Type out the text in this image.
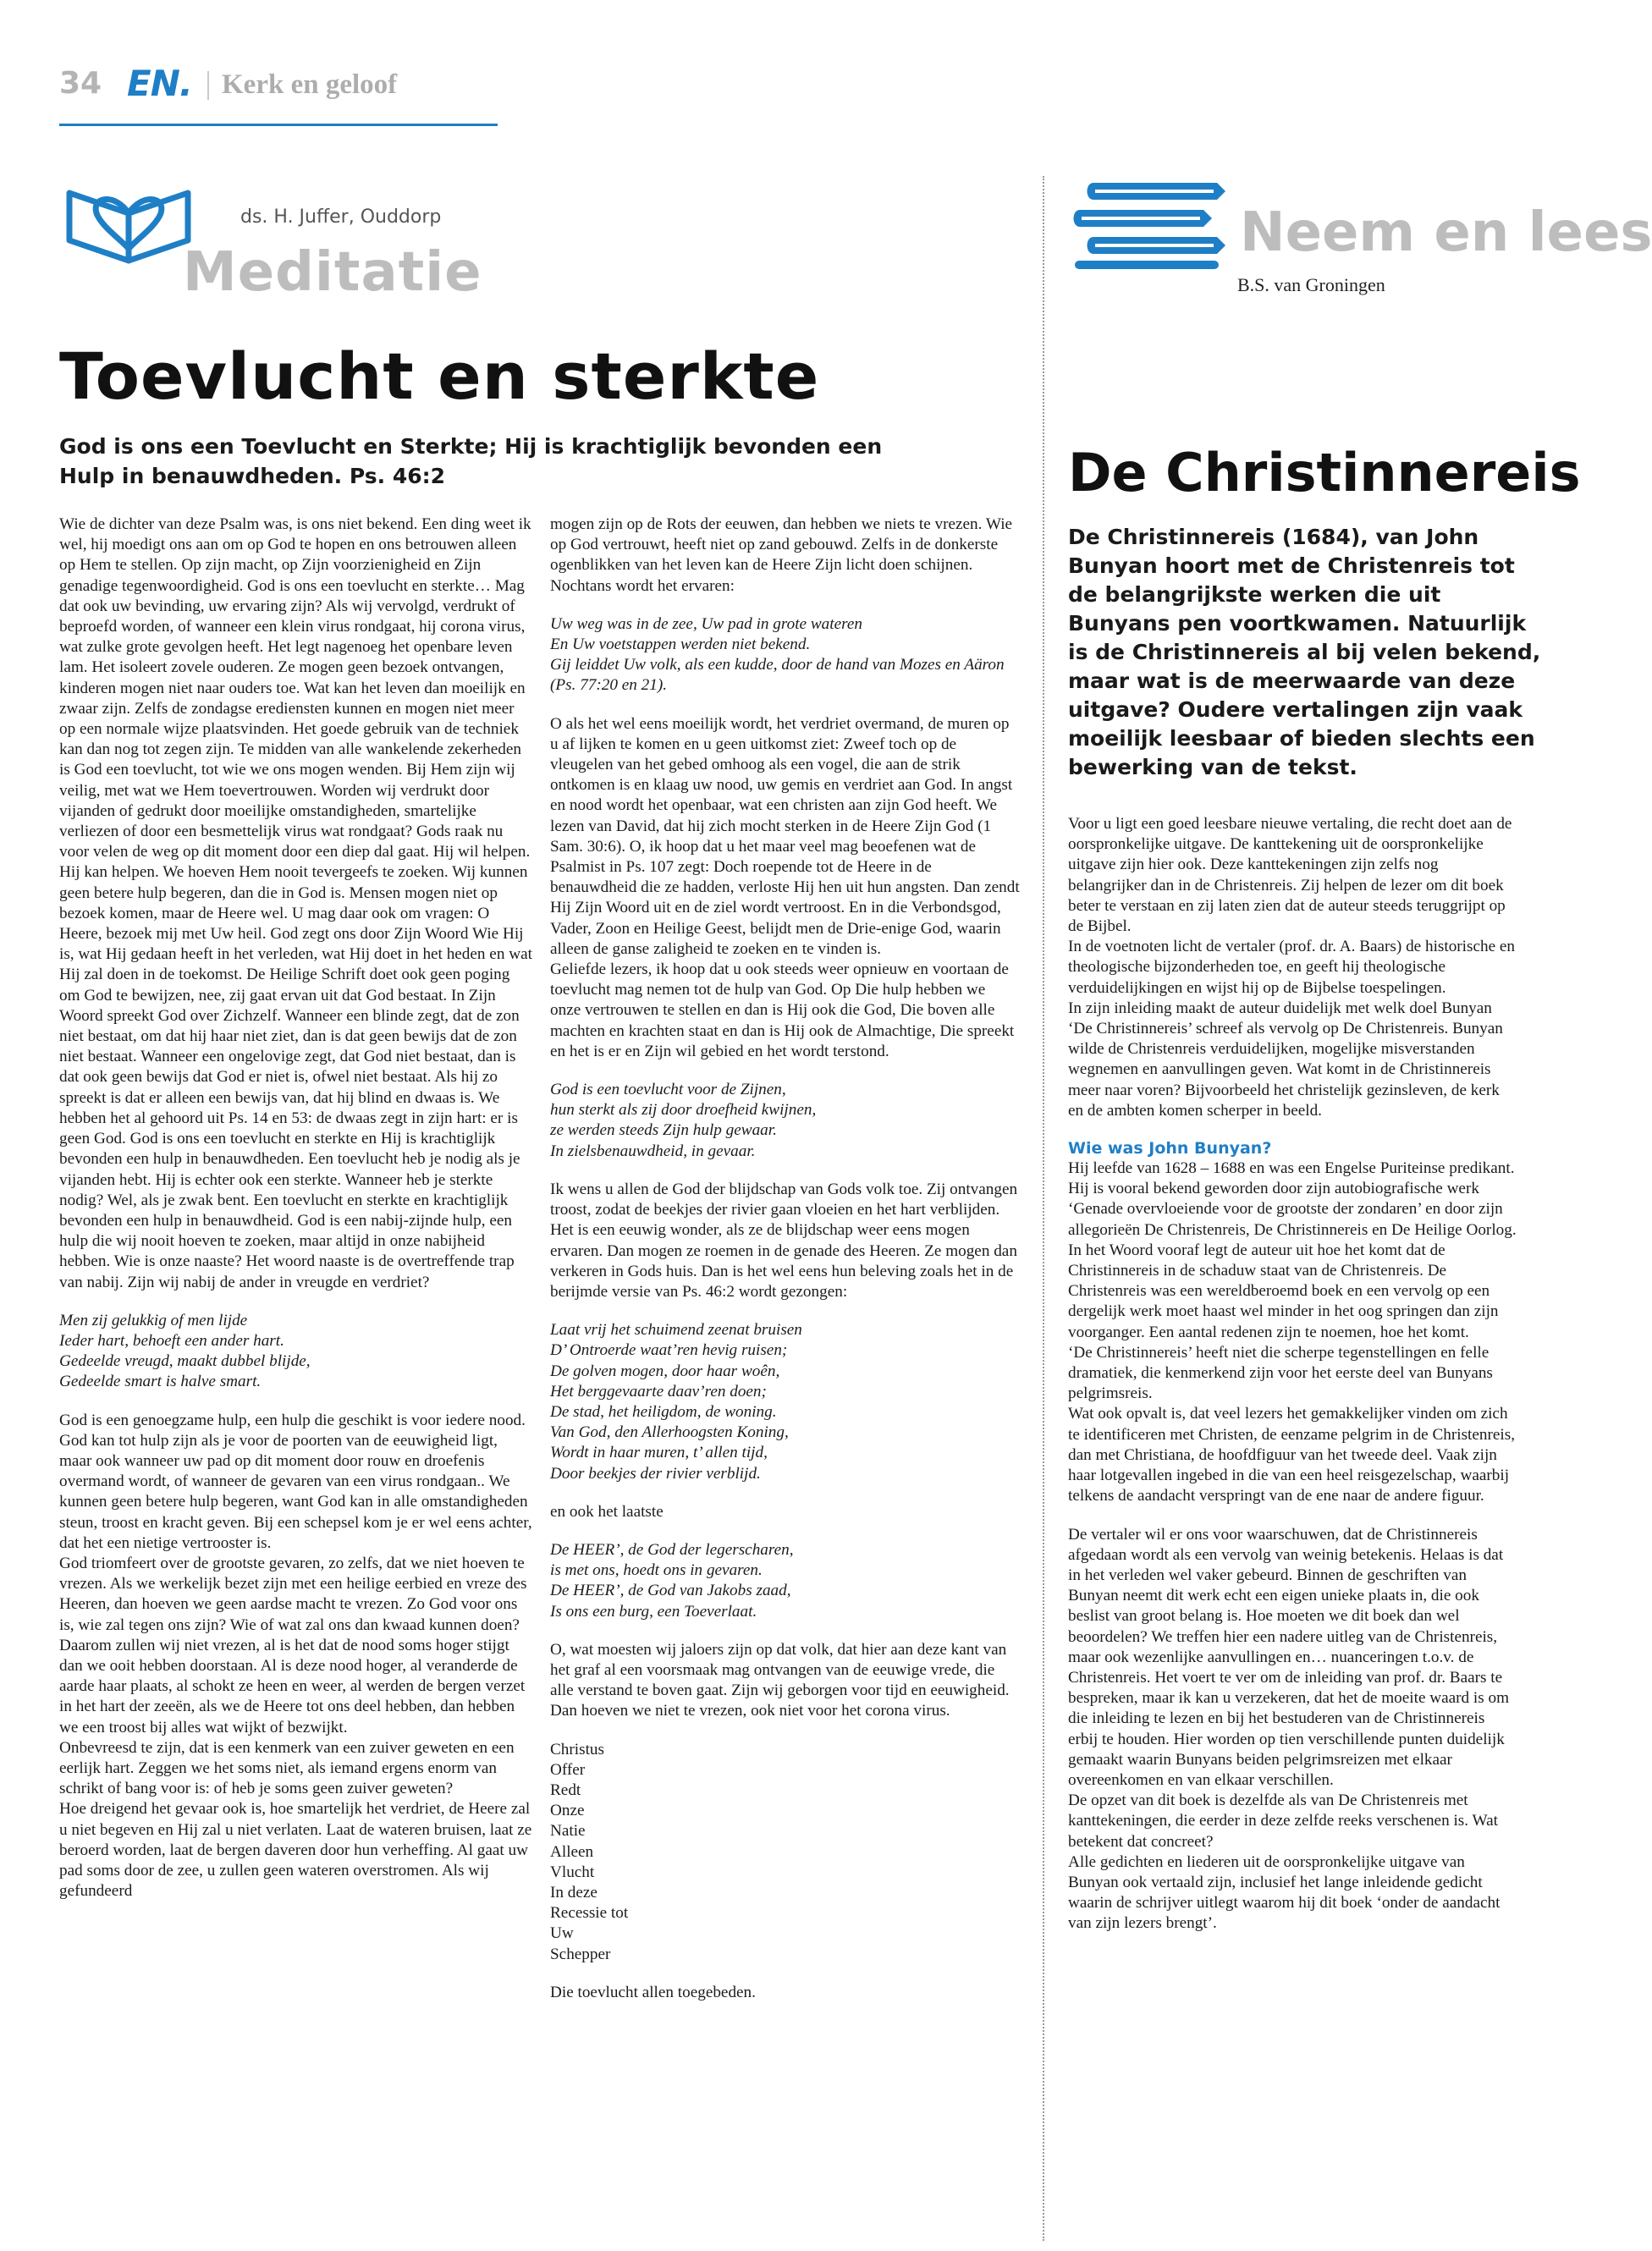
34 EN. Kerk en geloof
ds. H. Juffer, Ouddorp
Meditatie
Toevlucht en sterkte

God is ons een Toevlucht en Sterkte; Hij is krachtiglijk bevonden een Hulp in benauwdheden. Ps. 46:2

Wie de dichter van deze Psalm was, is ons niet bekend. Een ding weet ik wel, hij moedigt ons aan om op God te hopen en ons betrouwen alleen op Hem te stellen. Op zijn macht, op Zijn voorzienigheid en Zijn genadige tegenwoordigheid. God is ons een toevlucht en sterkte… Mag dat ook uw bevinding, uw ervaring zijn? Als wij vervolgd, verdrukt of beproefd worden, of wanneer een klein virus rondgaat, hij corona virus, wat zulke grote gevolgen heeft. Het legt nagenoeg het openbare leven lam. Het isoleert zovele ouderen. Ze mogen geen bezoek ontvangen, kinderen mogen niet naar ouders toe. Wat kan het leven dan moeilijk en zwaar zijn. Zelfs de zondagse erediensten kunnen en mogen niet meer op een normale wijze plaatsvinden. Het goede gebruik van de techniek kan dan nog tot zegen zijn. Te midden van alle wankelende zekerheden is God een toevlucht, tot wie we ons mogen wenden. Bij Hem zijn wij veilig, met wat we Hem toevertrouwen. Worden wij verdrukt door vijanden of gedrukt door moeilijke omstandigheden, smartelijke verliezen of door een besmettelijk virus wat rondgaat? Gods raak nu voor velen de weg op dit moment door een diep dal gaat. Hij wil helpen. Hij kan helpen. We hoeven Hem nooit tevergeefs te zoeken. Wij kunnen geen betere hulp begeren, dan die in God is. Mensen mogen niet op bezoek komen, maar de Heere wel. U mag daar ook om vragen: O Heere, bezoek mij met Uw heil. God zegt ons door Zijn Woord Wie Hij is, wat Hij gedaan heeft in het verleden, wat Hij doet in het heden en wat Hij zal doen in de toekomst. De Heilige Schrift doet ook geen poging om God te bewijzen, nee, zij gaat ervan uit dat God bestaat. In Zijn Woord spreekt God over Zichzelf. Wanneer een blinde zegt, dat de zon niet bestaat, om dat hij haar niet ziet, dan is dat geen bewijs dat de zon niet bestaat. Wanneer een ongelovige zegt, dat God niet bestaat, dan is dat ook geen bewijs dat God er niet is, ofwel niet bestaat. Als hij zo spreekt is dat er alleen een bewijs van, dat hij blind en dwaas is. We hebben het al gehoord uit Ps. 14 en 53: de dwaas zegt in zijn hart: er is geen God. God is ons een toevlucht en sterkte en Hij is krachtiglijk bevonden een hulp in benauwdheden. Een toevlucht heb je nodig als je vijanden hebt. Hij is echter ook een sterkte. Wanneer heb je sterkte nodig? Wel, als je zwak bent. Een toevlucht en sterkte en krachtiglijk bevonden een hulp in benauwdheid. God is een nabij-zijnde hulp, een hulp die wij nooit hoeven te zoeken, maar altijd in onze nabijheid hebben. Wie is onze naaste? Het woord naaste is de overtreffende trap van nabij. Zijn wij nabij de ander in vreugde en verdriet?

Men zij gelukkig of men lijde
Ieder hart, behoeft een ander hart.
Gedeelde vreugd, maakt dubbel blijde,
Gedeelde smart is halve smart.

God is een genoegzame hulp, een hulp die geschikt is voor iedere nood. God kan tot hulp zijn als je voor de poorten van de eeuwigheid ligt, maar ook wanneer uw pad op dit moment door rouw en droefenis overmand wordt, of wanneer de gevaren van een virus rondgaan.. We kunnen geen betere hulp begeren, want God kan in alle omstandigheden steun, troost en kracht geven. Bij een schepsel kom je er wel eens achter, dat het een nietige vertrooster is.
God triomfeert over de grootste gevaren, zo zelfs, dat we niet hoeven te vrezen. Als we werkelijk bezet zijn met een heilige eerbied en vreze des Heeren, dan hoeven we geen aardse macht te vrezen. Zo God voor ons is, wie zal tegen ons zijn? Wie of wat zal ons dan kwaad kunnen doen? Daarom zullen wij niet vrezen, al is het dat de nood soms hoger stijgt dan we ooit hebben doorstaan. Al is deze nood hoger, al veranderde de aarde haar plaats, al schokt ze heen en weer, al werden de bergen verzet in het hart der zeeën, als we de Heere tot ons deel hebben, dan hebben we een troost bij alles wat wijkt of bezwijkt.
Onbevreesd te zijn, dat is een kenmerk van een zuiver geweten en een eerlijk hart. Zeggen we het soms niet, als iemand ergens enorm van schrikt of bang voor is: of heb je soms geen zuiver geweten?
Hoe dreigend het gevaar ook is, hoe smartelijk het verdriet, de Heere zal u niet begeven en Hij zal u niet verlaten. Laat de wateren bruisen, laat ze beroerd worden, laat de bergen daveren door hun verheffing. Al gaat uw pad soms door de zee, u zullen geen wateren overstromen. Als wij gefundeerd

mogen zijn op de Rots der eeuwen, dan hebben we niets te vrezen. Wie op God vertrouwt, heeft niet op zand gebouwd. Zelfs in de donkerste ogenblikken van het leven kan de Heere Zijn licht doen schijnen. Nochtans wordt het ervaren:

Uw weg was in de zee, Uw pad in grote wateren
En Uw voetstappen werden niet bekend.
Gij leiddet Uw volk, als een kudde, door de hand van Mozes en Aäron (Ps. 77:20 en 21).

O als het wel eens moeilijk wordt, het verdriet overmand, de muren op u af lijken te komen en u geen uitkomst ziet: Zweef toch op de vleugelen van het gebed omhoog als een vogel, die aan de strik ontkomen is en klaag uw nood, uw gemis en verdriet aan God. In angst en nood wordt het openbaar, wat een christen aan zijn God heeft. We lezen van David, dat hij zich mocht sterken in de Heere Zijn God (1 Sam. 30:6). O, ik hoop dat u het maar veel mag beoefenen wat de Psalmist in Ps. 107 zegt: Doch roepende tot de Heere in de benauwdheid die ze hadden, verloste Hij hen uit hun angsten. Dan zendt Hij Zijn Woord uit en de ziel wordt vertroost. En in die Verbondsgod, Vader, Zoon en Heilige Geest, belijdt men de Drie-enige God, waarin alleen de ganse zaligheid te zoeken en te vinden is.
Geliefde lezers, ik hoop dat u ook steeds weer opnieuw en voortaan de toevlucht mag nemen tot de hulp van God. Op Die hulp hebben we onze vertrouwen te stellen en dan is Hij ook die God, Die boven alle machten en krachten staat en dan is Hij ook de Almachtige, Die spreekt en het is er en Zijn wil gebied en het wordt terstond.

God is een toevlucht voor de Zijnen,
hun sterkt als zij door droefheid kwijnen,
ze werden steeds Zijn hulp gewaar.
In zielsbenauwdheid, in gevaar.

Ik wens u allen de God der blijdschap van Gods volk toe. Zij ontvangen troost, zodat de beekjes der rivier gaan vloeien en het hart verblijden. Het is een eeuwig wonder, als ze de blijdschap weer eens mogen ervaren. Dan mogen ze roemen in de genade des Heeren. Ze mogen dan verkeren in Gods huis. Dan is het wel eens hun beleving zoals het in de berijmde versie van Ps. 46:2 wordt gezongen:

Laat vrij het schuimend zeenat bruisen
D’ Ontroerde waat’ren hevig ruisen;
De golven mogen, door haar woên,
Het berggevaarte daav’ren doen;
De stad, het heiligdom, de woning.
Van God, den Allerhoogsten Koning,
Wordt in haar muren, t’ allen tijd,
Door beekjes der rivier verblijd.

en ook het laatste

De HEER’, de God der legerscharen,
is met ons, hoedt ons in gevaren.
De HEER’, de God van Jakobs zaad,
Is ons een burg, een Toeverlaat.

O, wat moesten wij jaloers zijn op dat volk, dat hier aan deze kant van het graf al een voorsmaak mag ontvangen van de eeuwige vrede, die alle verstand te boven gaat. Zijn wij geborgen voor tijd en eeuwigheid. Dan hoeven we niet te vrezen, ook niet voor het corona virus.

Christus
Offer
Redt
Onze
Natie
Alleen
Vlucht
In deze
Recessie tot
Uw
Schepper

Die toevlucht allen toegebeden.

Neem en lees
B.S. van Groningen
De Christinnereis

De Christinnereis (1684), van John Bunyan hoort met de Christenreis tot de belangrijkste werken die uit Bunyans pen voortkwamen. Natuurlijk is de Christinnereis al bij velen bekend, maar wat is de meerwaarde van deze uitgave? Oudere vertalingen zijn vaak moeilijk leesbaar of bieden slechts een bewerking van de tekst.

Voor u ligt een goed leesbare nieuwe vertaling, die recht doet aan de oorspronkelijke uitgave. De kanttekening uit de oorspronkelijke uitgave zijn hier ook. Deze kanttekeningen zijn zelfs nog belangrijker dan in de Christenreis. Zij helpen de lezer om dit boek beter te verstaan en zij laten zien dat de auteur steeds teruggrijpt op de Bijbel.
In de voetnoten licht de vertaler (prof. dr. A. Baars) de historische en theologische bijzonderheden toe, en geeft hij theologische verduidelijkingen en wijst hij op de Bijbelse toespelingen.
In zijn inleiding maakt de auteur duidelijk met welk doel Bunyan ‘De Christinnereis’ schreef als vervolg op De Christenreis. Bunyan wilde de Christenreis verduidelijken, mogelijke misverstanden wegnemen en aanvullingen geven. Wat komt in de Christinnereis meer naar voren? Bijvoorbeeld het christelijk gezinsleven, de kerk en de ambten komen scherper in beeld.

Wie was John Bunyan?

Hij leefde van 1628 – 1688 en was een Engelse Puriteinse predikant. Hij is vooral bekend geworden door zijn autobiografische werk ‘Genade overvloeiende voor de grootste der zondaren’ en door zijn allegorieën De Christenreis, De Christinnereis en De Heilige Oorlog.
In het Woord vooraf legt de auteur uit hoe het komt dat de Christinnereis in de schaduw staat van de Christenreis. De Christenreis was een wereldberoemd boek en een vervolg op een dergelijk werk moet haast wel minder in het oog springen dan zijn voorganger. Een aantal redenen zijn te noemen, hoe het komt.
‘De Christinnereis’ heeft niet die scherpe tegenstellingen en felle dramatiek, die kenmerkend zijn voor het eerste deel van Bunyans pelgrimsreis.
Wat ook opvalt is, dat veel lezers het gemakkelijker vinden om zich te identificeren met Christen, de eenzame pelgrim in de Christenreis, dan met Christiana, de hoofdfiguur van het tweede deel. Vaak zijn haar lotgevallen ingebed in die van een heel reisgezelschap, waarbij telkens de aandacht verspringt van de ene naar de andere figuur.

De vertaler wil er ons voor waarschuwen, dat de Christinnereis afgedaan wordt als een vervolg van weinig betekenis. Helaas is dat in het verleden wel vaker gebeurd. Binnen de geschriften van Bunyan neemt dit werk echt een eigen unieke plaats in, die ook beslist van groot belang is. Hoe moeten we dit boek dan wel beoordelen? We treffen hier een nadere uitleg van de Christenreis, maar ook wezenlijke aanvullingen en… nuanceringen t.o.v. de Christenreis. Het voert te ver om de inleiding van prof. dr. Baars te bespreken, maar ik kan u verzekeren, dat het de moeite waard is om die inleiding te lezen en bij het bestuderen van de Christinnereis erbij te houden. Hier worden op tien verschillende punten duidelijk gemaakt waarin Bunyans beiden pelgrimsreizen met elkaar overeenkomen en van elkaar verschillen.
De opzet van dit boek is dezelfde als van De Christenreis met kanttekeningen, die eerder in deze zelfde reeks verschenen is. Wat betekent dat concreet?
Alle gedichten en liederen uit de oorspronkelijke uitgave van Bunyan ook vertaald zijn, inclusief het lange inleidende gedicht waarin de schrijver uitlegt waarom hij dit boek ‘onder de aandacht van zijn lezers brengt’.
